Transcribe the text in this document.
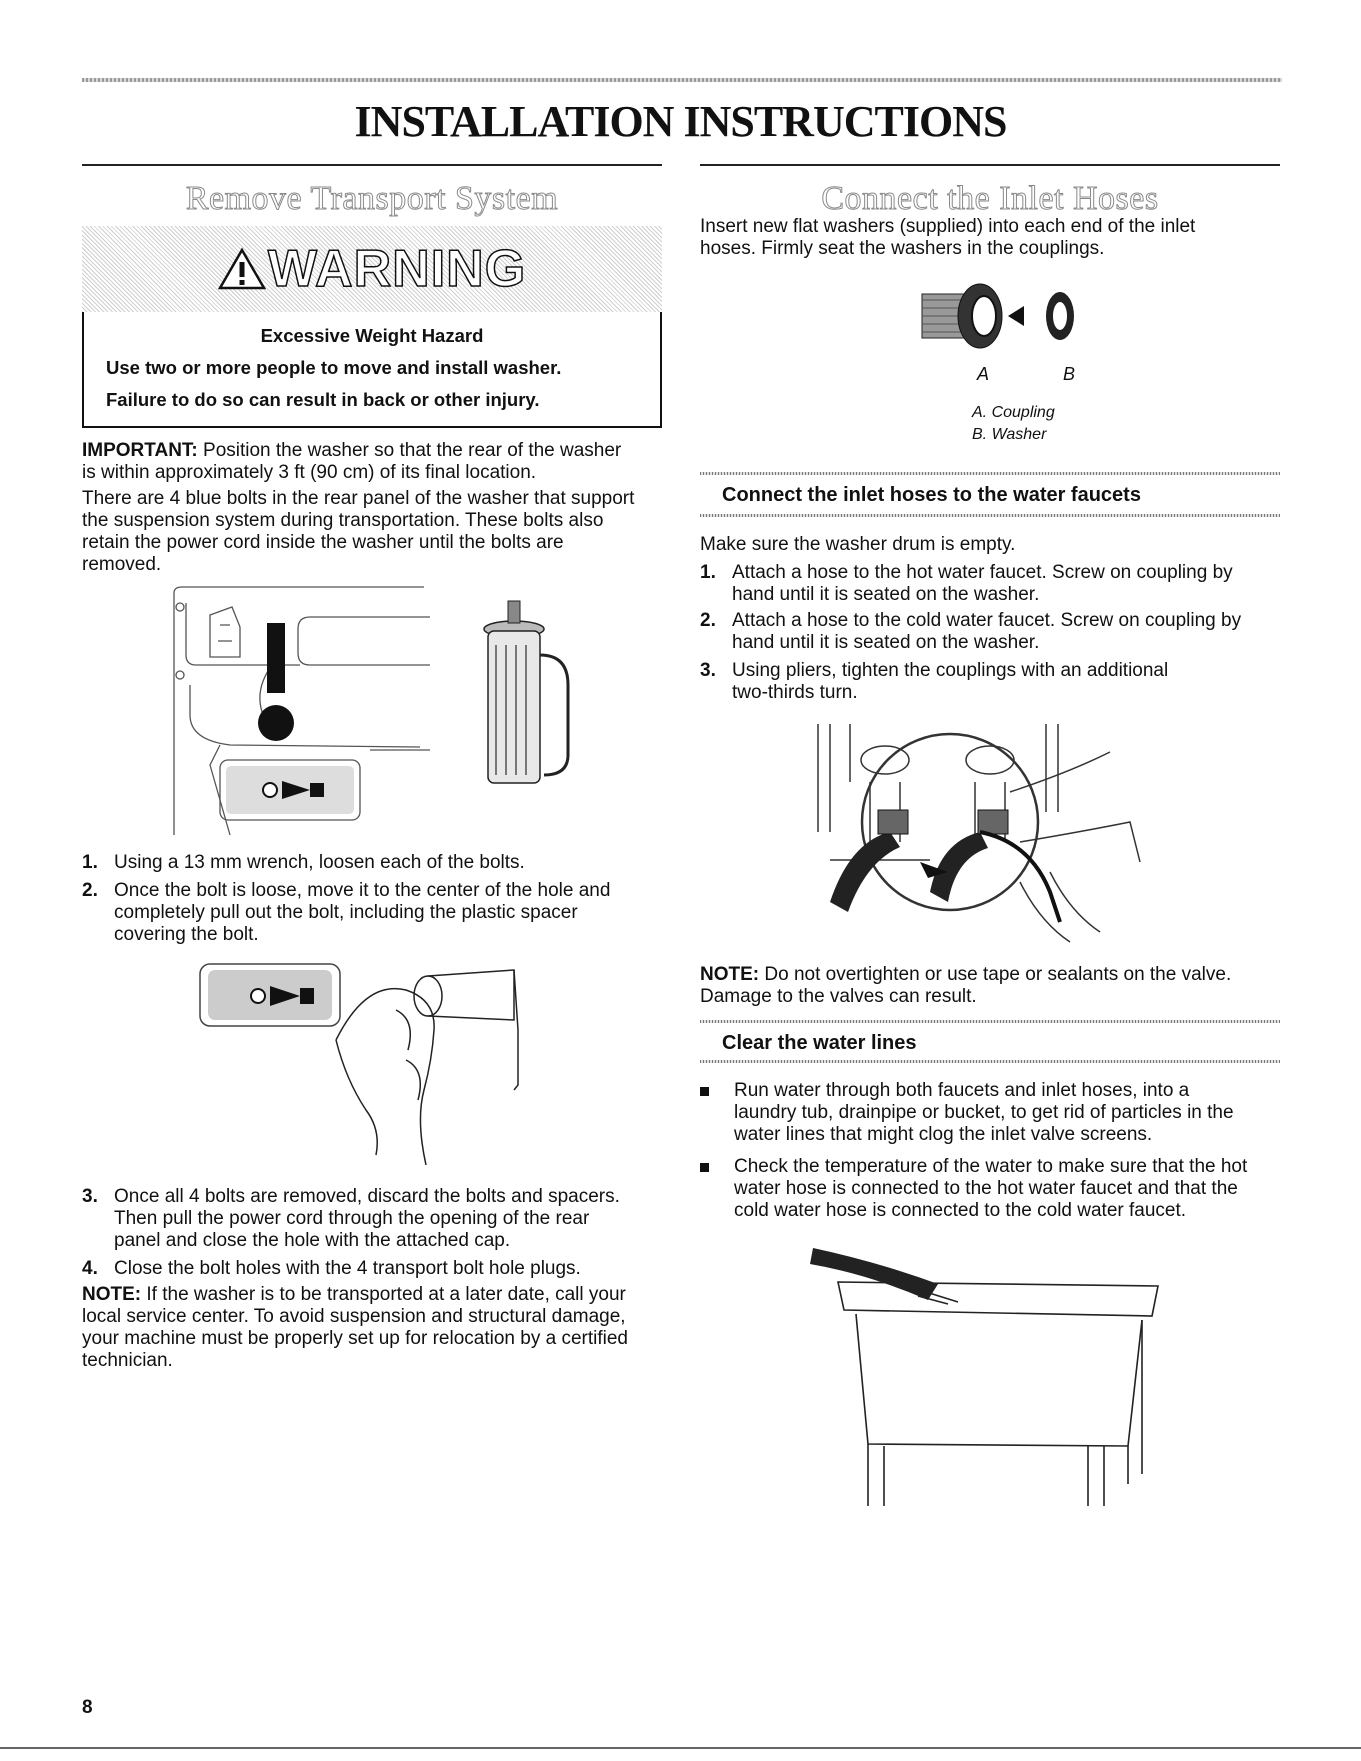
INSTALLATION INSTRUCTIONS
Remove Transport System
WARNING
Excessive Weight Hazard
Use two or more people to move and install washer.
Failure to do so can result in back or other injury.
IMPORTANT: Position the washer so that the rear of the washer
is within approximately 3 ft (90 cm) of its final location.
There are 4 blue bolts in the rear panel of the washer that support
the suspension system during transportation. These bolts also
retain the power cord inside the washer until the bolts are
removed.
1. Using a 13 mm wrench, loosen each of the bolts.
2. Once the bolt is loose, move it to the center of the hole and
completely pull out the bolt, including the plastic spacer
covering the bolt.
3. Once all 4 bolts are removed, discard the bolts and spacers.
Then pull the power cord through the opening of the rear
panel and close the hole with the attached cap.
4. Close the bolt holes with the 4 transport bolt hole plugs.
NOTE: If the washer is to be transported at a later date, call your
local service center. To avoid suspension and structural damage,
your machine must be properly set up for relocation by a certified
technician.
Connect the Inlet Hoses
Insert new flat washers (supplied) into each end of the inlet
hoses. Firmly seat the washers in the couplings.
A	B
A. Coupling
B. Washer
Connect the inlet hoses to the water faucets
Make sure the washer drum is empty.
1. Attach a hose to the hot water faucet. Screw on coupling by
hand until it is seated on the washer.
2. Attach a hose to the cold water faucet. Screw on coupling by
hand until it is seated on the washer.
3. Using pliers, tighten the couplings with an additional
two-thirds turn.
NOTE: Do not overtighten or use tape or sealants on the valve.
Damage to the valves can result.
Clear the water lines
Run water through both faucets and inlet hoses, into a
laundry tub, drainpipe or bucket, to get rid of particles in the
water lines that might clog the inlet valve screens.
Check the temperature of the water to make sure that the hot
water hose is connected to the hot water faucet and that the
cold water hose is connected to the cold water faucet.
8
